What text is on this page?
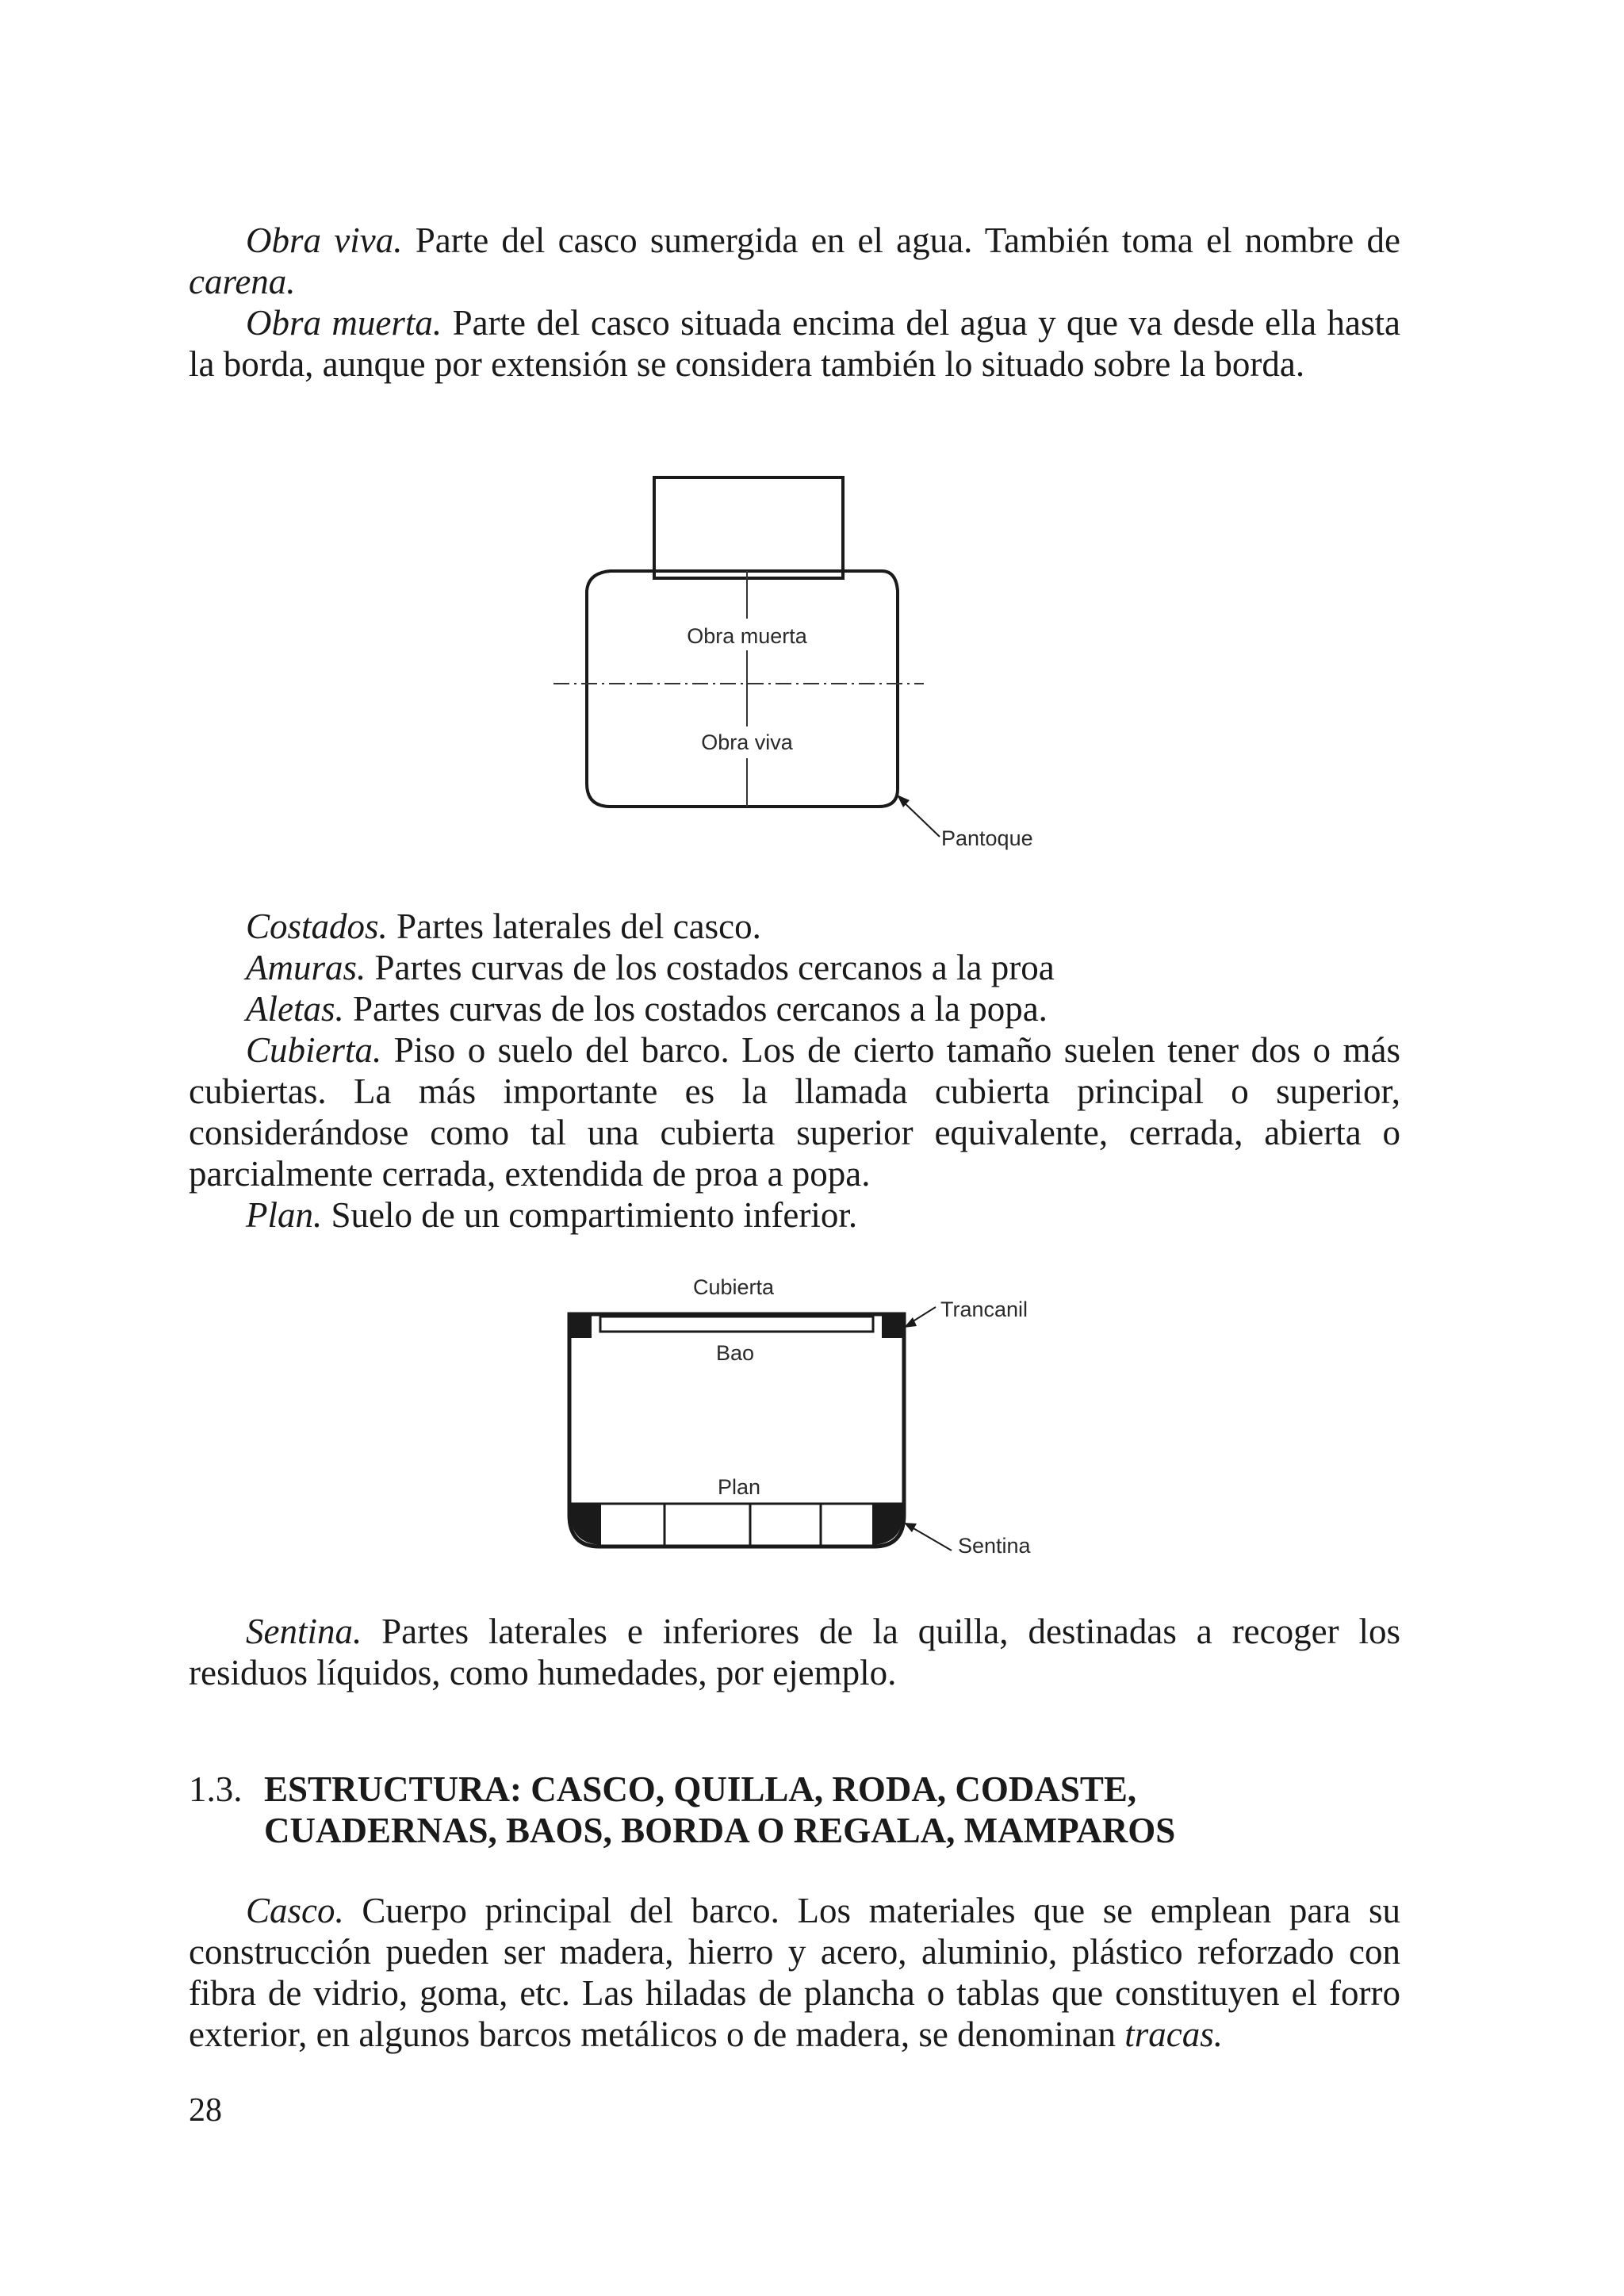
Obra viva. Parte del casco sumergida en el agua. También toma el nombre de carena.

Obra muerta. Parte del casco situada encima del agua y que va desde ella hasta la borda, aunque por extensión se considera también lo situado sobre la borda.

Obra muerta
Obra viva
Pantoque

Costados. Partes laterales del casco.

Amuras. Partes curvas de los costados cercanos a la proa

Aletas. Partes curvas de los costados cercanos a la popa.

Cubierta. Piso o suelo del barco. Los de cierto tamaño suelen tener dos o más cubiertas. La más importante es la llamada cubierta principal o superior, considerándose como tal una cubierta superior equivalente, cerrada, abierta o parcialmente cerrada, extendida de proa a popa.

Plan. Suelo de un compartimiento inferior.

Cubierta
Bao
Plan
Trancanil
Sentina

Sentina. Partes laterales e inferiores de la quilla, destinadas a recoger los residuos líquidos, como humedades, por ejemplo.

1.3. ESTRUCTURA: CASCO, QUILLA, RODA, CODASTE,
CUADERNAS, BAOS, BORDA O REGALA, MAMPAROS

Casco. Cuerpo principal del barco. Los materiales que se emplean para su construcción pueden ser madera, hierro y acero, aluminio, plástico reforzado con fibra de vidrio, goma, etc. Las hiladas de plancha o tablas que constituyen el forro exterior, en algunos barcos metálicos o de madera, se denominan tracas.

28
